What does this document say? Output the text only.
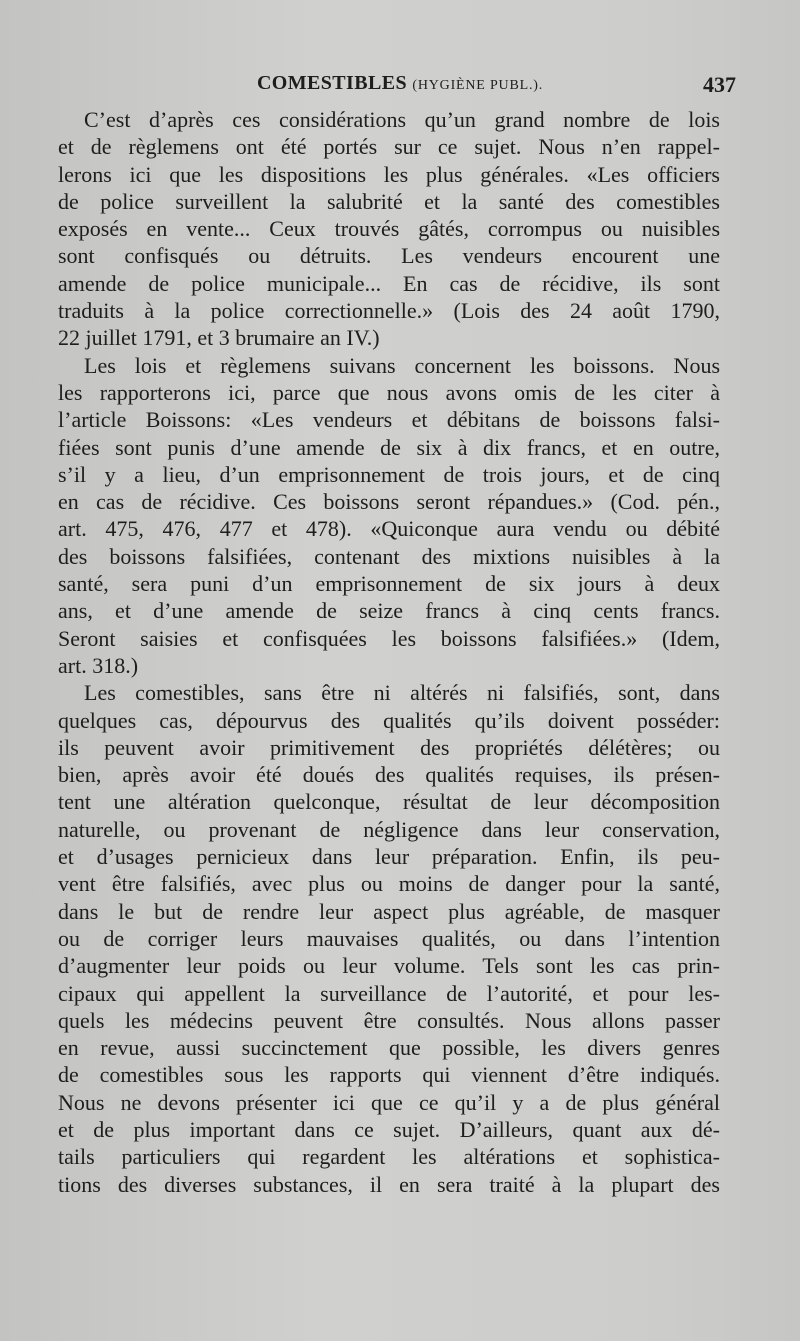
COMESTIBLES (HYGIÈNE PUBL.).	437
C’est d’après ces considérations qu’un grand nombre de lois
et de règlemens ont été portés sur ce sujet. Nous n’en rappel-
lerons ici que les dispositions les plus générales. «Les officiers
de police surveillent la salubrité et la santé des comestibles
exposés en vente... Ceux trouvés gâtés, corrompus ou nuisibles
sont confisqués ou détruits. Les vendeurs encourent une
amende de police municipale... En cas de récidive, ils sont
traduits à la police correctionnelle.» (Lois des 24 août 1790,
22 juillet 1791, et 3 brumaire an IV.)
Les lois et règlemens suivans concernent les boissons. Nous
les rapporterons ici, parce que nous avons omis de les citer à
l’article Boissons: «Les vendeurs et débitans de boissons falsi-
fiées sont punis d’une amende de six à dix francs, et en outre,
s’il y a lieu, d’un emprisonnement de trois jours, et de cinq
en cas de récidive. Ces boissons seront répandues.» (Cod. pén.,
art. 475, 476, 477 et 478). «Quiconque aura vendu ou débité
des boissons falsifiées, contenant des mixtions nuisibles à la
santé, sera puni d’un emprisonnement de six jours à deux
ans, et d’une amende de seize francs à cinq cents francs.
Seront saisies et confisquées les boissons falsifiées.» (Idem,
art. 318.)
Les comestibles, sans être ni altérés ni falsifiés, sont, dans
quelques cas, dépourvus des qualités qu’ils doivent posséder:
ils peuvent avoir primitivement des propriétés délétères; ou
bien, après avoir été doués des qualités requises, ils présen-
tent une altération quelconque, résultat de leur décomposition
naturelle, ou provenant de négligence dans leur conservation,
et d’usages pernicieux dans leur préparation. Enfin, ils peu-
vent être falsifiés, avec plus ou moins de danger pour la santé,
dans le but de rendre leur aspect plus agréable, de masquer
ou de corriger leurs mauvaises qualités, ou dans l’intention
d’augmenter leur poids ou leur volume. Tels sont les cas prin-
cipaux qui appellent la surveillance de l’autorité, et pour les-
quels les médecins peuvent être consultés. Nous allons passer
en revue, aussi succinctement que possible, les divers genres
de comestibles sous les rapports qui viennent d’être indiqués.
Nous ne devons présenter ici que ce qu’il y a de plus général
et de plus important dans ce sujet. D’ailleurs, quant aux dé-
tails particuliers qui regardent les altérations et sophistica-
tions des diverses substances, il en sera traité à la plupart des
